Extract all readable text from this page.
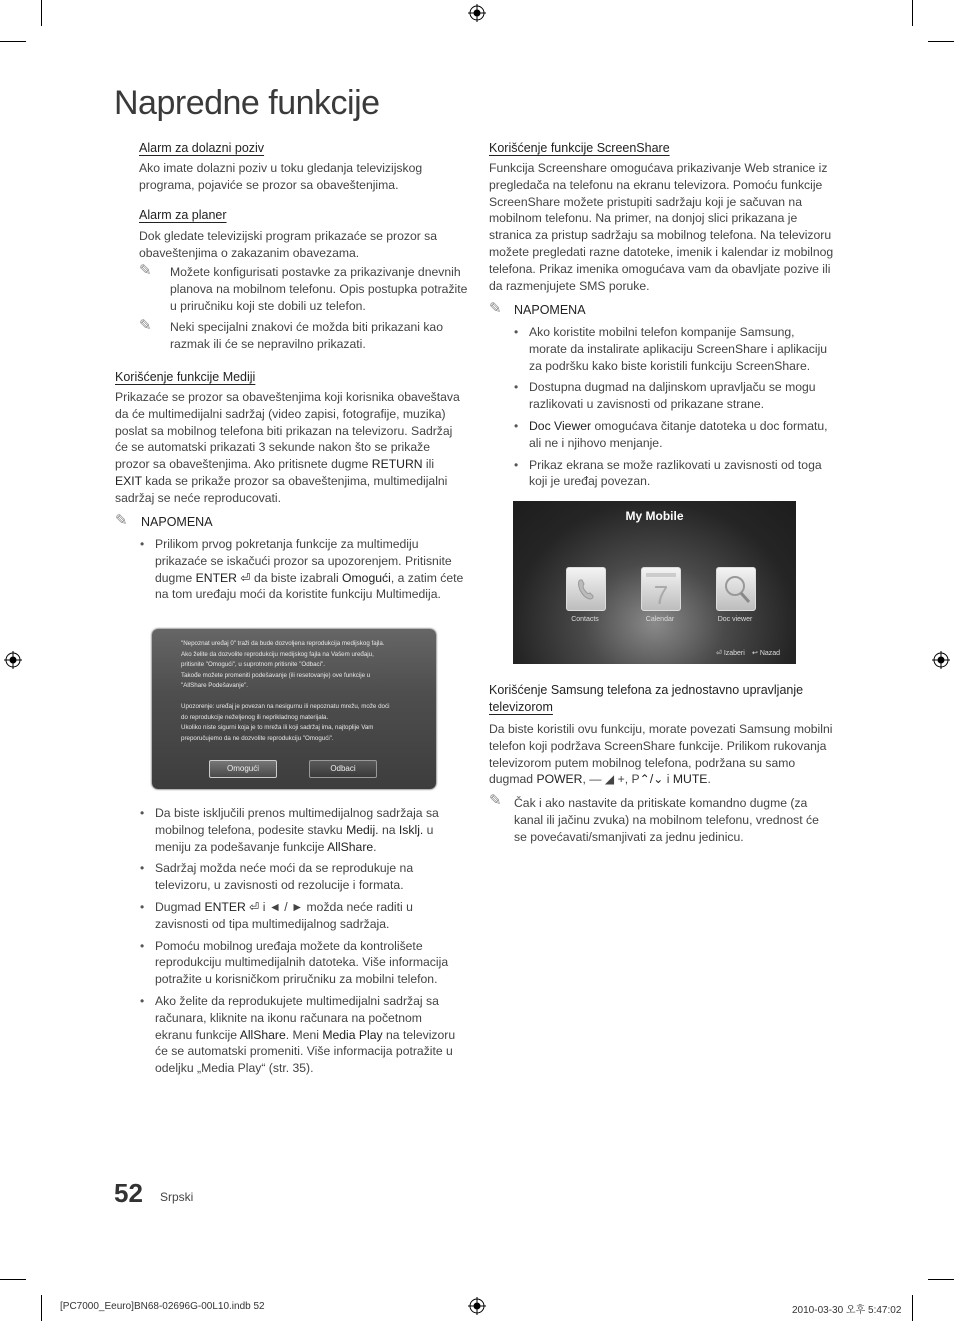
Napredne funkcije
Alarm za dolazni poziv
Ako imate dolazni poziv u toku gledanja televizijskog programa, pojaviće se prozor sa obaveštenjima.
Alarm za planer
Dok gledate televizijski program prikazaće se prozor sa obaveštenjima o zakazanim obavezama.
✎ Možete konfigurisati postavke za prikazivanje dnevnih planova na mobilnom telefonu. Opis postupka potražite u priručniku koji ste dobili uz telefon.
✎ Neki specijalni znakovi će možda biti prikazani kao razmak ili će se nepravilno prikazati.
Korišćenje funkcije Mediji
Prikazaće se prozor sa obaveštenjima koji korisnika obaveštava da će multimedijalni sadržaj (video zapisi, fotografije, muzika) poslat sa mobilnog telefona biti prikazan na televizoru. Sadržaj će se automatski prikazati 3 sekunde nakon što se prikaže prozor sa obaveštenjima. Ako pritisnete dugme RETURN ili EXIT kada se prikaže prozor sa obaveštenjima, multimedijalni sadržaj se neće reproducovati.
✎ NAPOMENA
• Prilikom prvog pokretanja funkcije za multimediju prikazaće se iskačući prozor sa upozorenjem. Pritisnite dugme ENTER ⏎ da biste izabrali Omogući, a zatim ćete na tom uređaju moći da koristite funkciju Multimedija.
"Nepoznat uređaj 0" traži da bude dozvoljena reprodukcija medijskog fajla.
Ako želite da dozvolite reprodukciju medijskog fajla na Vašem uređaju,
pritisnite "Omogući", u suprotnom pritisnite "Odbaci".
Takođe možete promeniti podešavanje (ili resetovanje) ove funkcije u
"AllShare Podešavanje".

Upozorenje: uređaj je povezan na nesigurnu ili nepoznatu mrežu, može doći
do reprodukcije neželjenog ili neprikladnog materijala.
Ukoliko niste sigurni koja je to mreža ili koji sadržaj ima, najtoplije Vam
preporučujemo da ne dozvolite reprodukciju "Omogući".
Omogući	Odbaci
• Da biste isključili prenos multimedijalnog sadržaja sa mobilnog telefona, podesite stavku Medij. na Isklj. u meniju za podešavanje funkcije AllShare.
• Sadržaj možda neće moći da se reprodukuje na televizoru, u zavisnosti od rezolucije i formata.
• Dugmad ENTER ⏎ i ◄ / ► možda neće raditi u zavisnosti od tipa multimedijalnog sadržaja.
• Pomoću mobilnog uređaja možete da kontrolišete reprodukciju multimedijalnih datoteka. Više informacija potražite u korisničkom priručniku za mobilni telefon.
• Ako želite da reprodukujete multimedijalni sadržaj sa računara, kliknite na ikonu računara na početnom ekranu funkcije AllShare. Meni Media Play na televizoru će se automatski promeniti. Više informacija potražite u odeljku „Media Play“ (str. 35).
Korišćenje funkcije ScreenShare
Funkcija Screenshare omogućava prikazivanje Web stranice iz pregledača na telefonu na ekranu televizora. Pomoću funkcije ScreenShare možete pristupiti sadržaju koji je sačuvan na mobilnom telefonu. Na primer, na donjoj slici prikazana je stranica za pristup sadržaju sa mobilnog telefona. Na televizoru možete pregledati razne datoteke, imenik i kalendar iz mobilnog telefona. Prikaz imenika omogućava vam da obavljate pozive ili da razmenjujete SMS poruke.
✎ NAPOMENA
• Ako koristite mobilni telefon kompanije Samsung, morate da instalirate aplikaciju ScreenShare i aplikaciju za podršku kako biste koristili funkciju ScreenShare.
• Dostupna dugmad na daljinskom upravljaču se mogu razlikovati u zavisnosti od prikazane strane.
• Doc Viewer omogućava čitanje datoteka u doc formatu, ali ne i njihovo menjanje.
• Prikaz ekrana se može razlikovati u zavisnosti od toga koji je uređaj povezan.
My Mobile
Contacts
7
Calendar	Doc viewer
⏎ Izaberi ↩ Nazad
Korišćenje Samsung telefona za jednostavno upravljanje
televizorom
Da biste koristili ovu funkciju, morate povezati Samsung mobilni telefon koji podržava ScreenShare funkcije. Prilikom rukovanja televizorom putem mobilnog telefona, podržana su samo dugmad POWER, — ◢ +, P⌃/⌄ i MUTE.
✎ Čak i ako nastavite da pritiskate komandno dugme (za kanal ili jačinu zvuka) na mobilnom telefonu, vrednost će se povećavati/smanjivati za jednu jedinicu.
52 Srpski
[PC7000_Eeuro]BN68-02696G-00L10.indb 52	2010-03-30 오후 5:47:02
